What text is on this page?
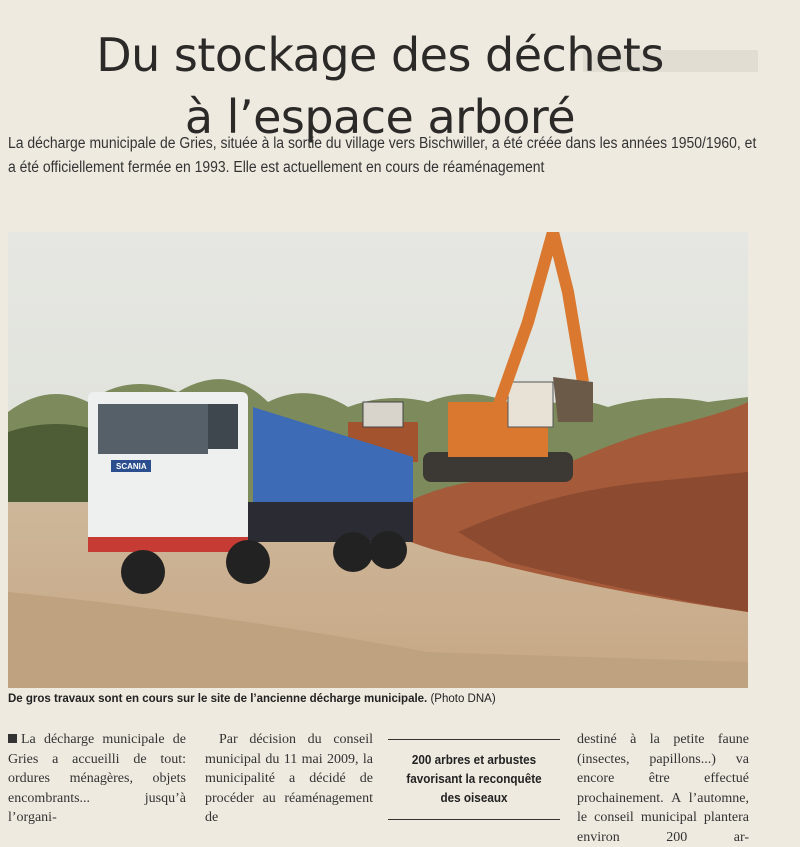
Du stockage des déchets
à l’espace arboré
La décharge municipale de Gries, située à la sortie du village vers Bischwiller, a été créée dans les années 1950/1960, et a été officiellement fermée en 1993. Elle est actuellement en cours de réaménagement
SCANIA
De gros travaux sont en cours sur le site de l’ancienne décharge municipale. (Photo DNA)

La décharge municipale de Gries a accueilli de tout: ordures ménagères, objets encombrants... jusqu’à l’organi-

Par décision du conseil municipal du 11 mai 2009, la municipalité a décidé de procéder au réaménagement de

200 arbres et arbustes favorisant la reconquête des oiseaux

destiné à la petite faune (insectes, papillons...) va encore être effectué prochainement. A l’automne, le conseil municipal plantera environ 200 ar-
